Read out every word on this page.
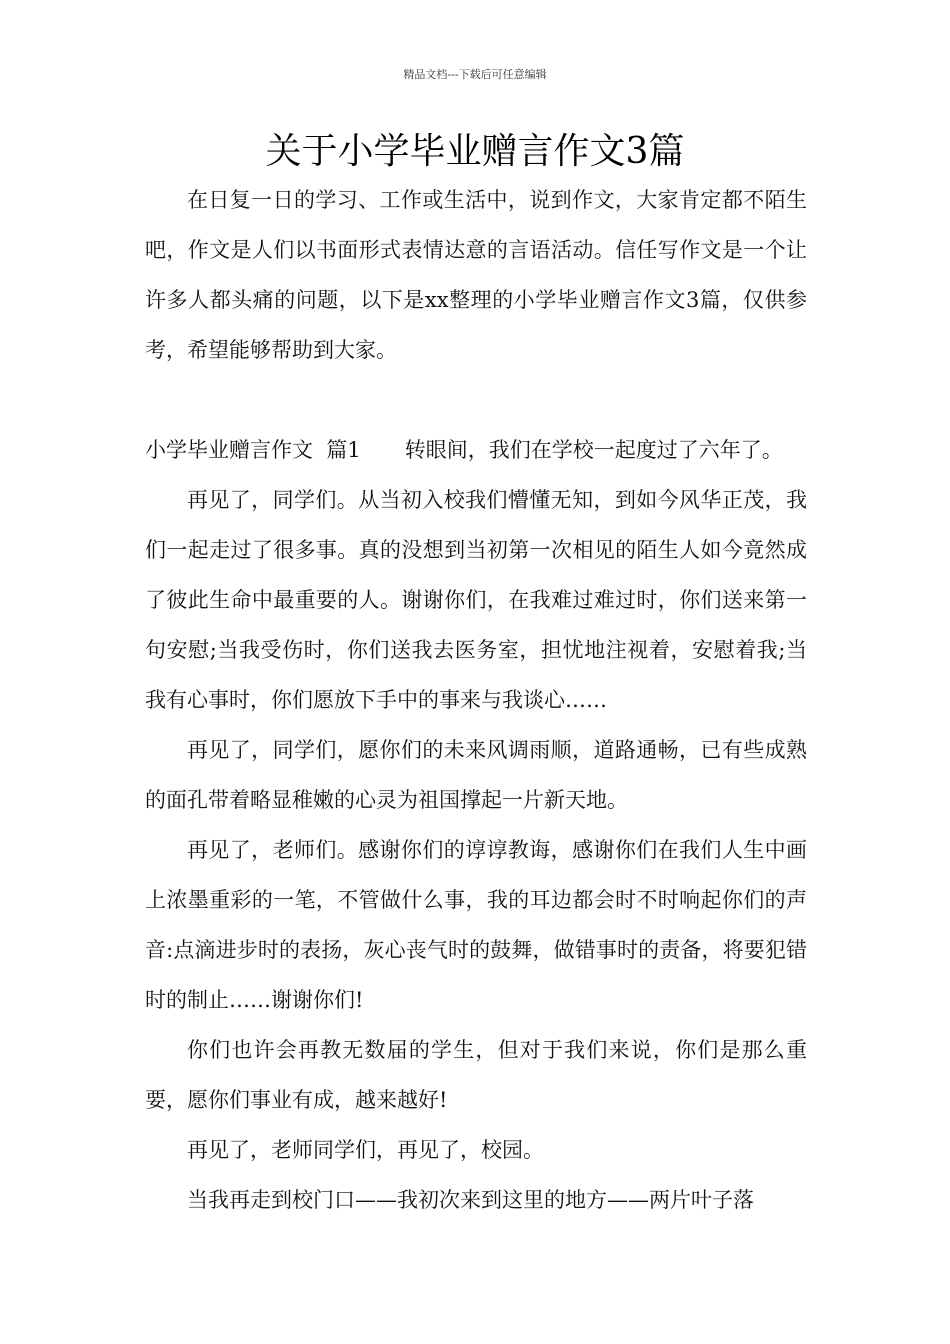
精品文档---下载后可任意编辑
关于小学毕业赠言作文3篇

在日复一日的学习、工作或生活中，说到作文，大家肯定都不陌生吧，作文是人们以书面形式表情达意的言语活动。信任写作文是一个让许多人都头痛的问题，以下是xx整理的小学毕业赠言作文3篇，仅供参考，希望能够帮助到大家。

小学毕业赠言作文  篇1 转眼间，我们在学校一起度过了六年了。

再见了，同学们。从当初入校我们懵懂无知，到如今风华正茂，我们一起走过了很多事。真的没想到当初第一次相见的陌生人如今竟然成了彼此生命中最重要的人。谢谢你们，在我难过难过时，你们送来第一句安慰;当我受伤时，你们送我去医务室，担忧地注视着，安慰着我;当我有心事时，你们愿放下手中的事来与我谈心……

再见了，同学们，愿你们的未来风调雨顺，道路通畅，已有些成熟的面孔带着略显稚嫩的心灵为祖国撑起一片新天地。

再见了，老师们。感谢你们的谆谆教诲，感谢你们在我们人生中画上浓墨重彩的一笔，不管做什么事，我的耳边都会时不时响起你们的声音:点滴进步时的表扬，灰心丧气时的鼓舞，做错事时的责备，将要犯错时的制止……谢谢你们!

你们也许会再教无数届的学生，但对于我们来说，你们是那么重要，愿你们事业有成，越来越好!

再见了，老师同学们，再见了，校园。

当我再走到校门口——我初次来到这里的地方——两片叶子落
